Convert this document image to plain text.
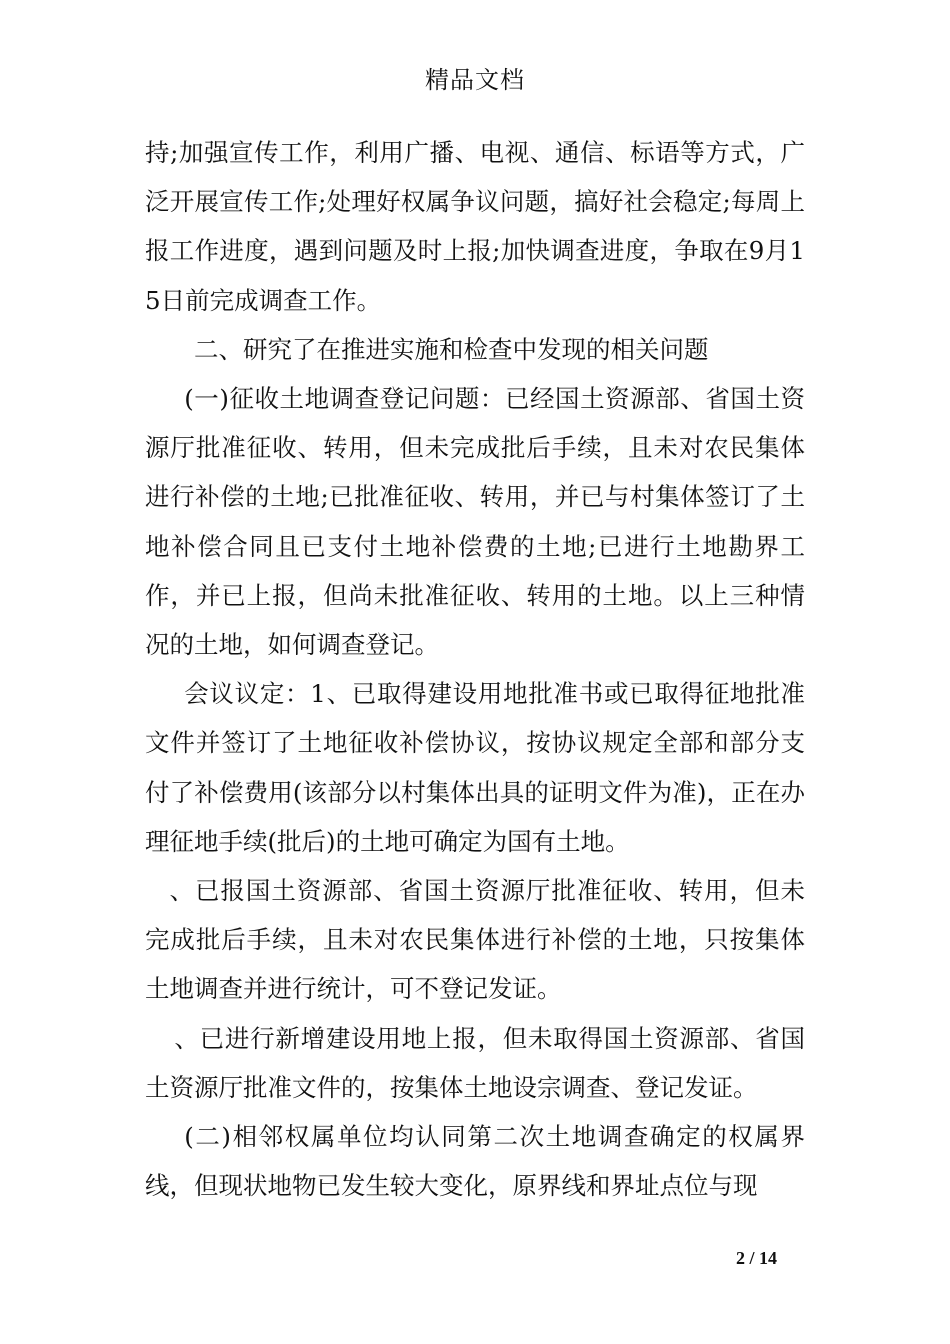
精品文档

持;加强宣传工作，利用广播、电视、通信、标语等方式，广泛开展宣传工作;处理好权属争议问题，搞好社会稳定;每周上报工作进度，遇到问题及时上报;加快调查进度，争取在9月15日前完成调查工作。

二、研究了在推进实施和检查中发现的相关问题

(一)征收土地调查登记问题：已经国土资源部、省国土资源厅批准征收、转用，但未完成批后手续，且未对农民集体进行补偿的土地;已批准征收、转用，并已与村集体签订了土地补偿合同且已支付土地补偿费的土地;已进行土地勘界工作，并已上报，但尚未批准征收、转用的土地。以上三种情况的土地，如何调查登记。

会议议定：1、已取得建设用地批准书或已取得征地批准文件并签订了土地征收补偿协议，按协议规定全部和部分支付了补偿费用(该部分以村集体出具的证明文件为准)，正在办理征地手续(批后)的土地可确定为国有土地。

、已报国土资源部、省国土资源厅批准征收、转用，但未完成批后手续，且未对农民集体进行补偿的土地，只按集体土地调查并进行统计，可不登记发证。

、已进行新增建设用地上报，但未取得国土资源部、省国土资源厅批准文件的，按集体土地设宗调查、登记发证。

(二)相邻权属单位均认同第二次土地调查确定的权属界线，但现状地物已发生较大变化，原界线和界址点位与现

2 / 14
